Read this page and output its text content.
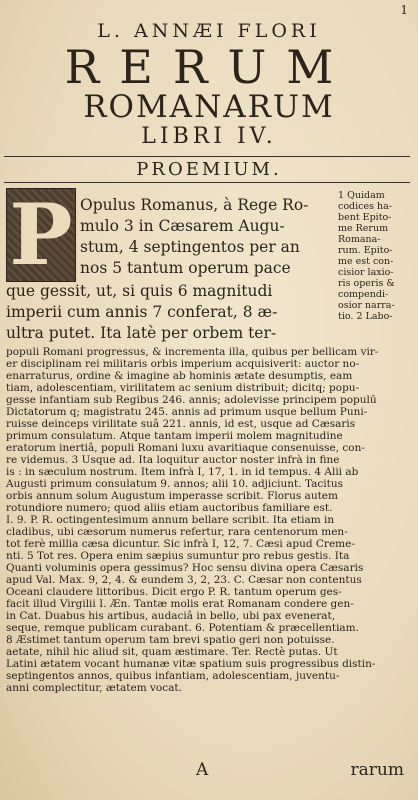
1
L. ANNÆI FLORI
RERUM
ROMANARUM
LIBRI IV.
PROEMIUM.
P Opulus Romanus, à Rege Ro-
mulo 3 in Cæsarem Augu-
stum, 4 septingentos per an
nos 5 tantum operum pace
que gessit, ut, si quis 6 magnitudi
imperii cum annis 7 conferat, 8 æ-
ultra putet. Ita latè per orbem ter-
1 Quidam
codices ha-
bent Epito-
me Rerum
Romana-
rum. Epito-
me est con-
cisior laxio-
ris operis &
compendi-
osior narra-
tio. 2 Labo-
populi Romani progressus, & incrementa illa, quibus per bellicam vir-
er disciplinam rei militaris orbis imperium acquisiverit: auctor no-
enarraturus, ordine & imagine ab hominis ætate desumptis, eam
tiam, adolescentiam, virilitatem ac senium distribuit; dicitq; popu-
gesse infantiam sub Regibus 246. annis; adolevisse principem populū
Dictatorum q; magistratu 245. annis ad primum usque bellum Puni-
ruisse deinceps virilitate suâ 221. annis, id est, usque ad Cæsaris
primum consulatum. Atque tantam imperii molem magnitudine
eratorum inertiâ, populi Romani luxu avaritiaque consenuisse, con-
re videmus. 3 Usque ad. Ita loquitur auctor noster infrà in fine
is : in sæculum nostrum. Item infrà I, 17, 1. in id tempus. 4 Alii ab
Augusti primum consulatum 9. annos; alii 10. adjiciunt. Tacitus
orbis annum solum Augustum imperasse scribit. Florus autem
rotundiore numero; quod aliis etiam auctoribus familiare est.
I. 9. P. R. octingentesimum annum bellare scribit. Ita etiam in
cladibus, ubi cæsorum numerus refertur, rara centenorum men-
tot ferè millia cæsa dicuntur. Sic infrà I, 12, 7. Cæsi apud Creme-
nti. 5 Tot res. Opera enim sæpius sumuntur pro rebus gestis. Ita
Quanti voluminis opera gessimus? Hoc sensu divina opera Cæsaris
apud Val. Max. 9, 2, 4. & eundem 3, 2, 23. C. Cæsar non contentus
Oceani claudere littoribus. Dicit ergo P. R. tantum operum ges-
facit illud Virgilii I. Æn. Tantæ molis erat Romanam condere gen-
in Cat. Duabus his artibus, audaciâ in bello, ubi pax evenerat,
seque, remque publicam curabant. 6. Potentiam & præcellentiam.
8 Æstimet tantum operum tam brevi spatio geri non potuisse.
aetate, nihil hic aliud sit, quam æstimare. Ter. Rectè putas. Ut
Latini ætatem vocant humanæ vitæ spatium suis progressibus distin-
septingentos annos, quibus infantiam, adolescentiam, juventu-
anni complectitur, ætatem vocat.
A	rarum
